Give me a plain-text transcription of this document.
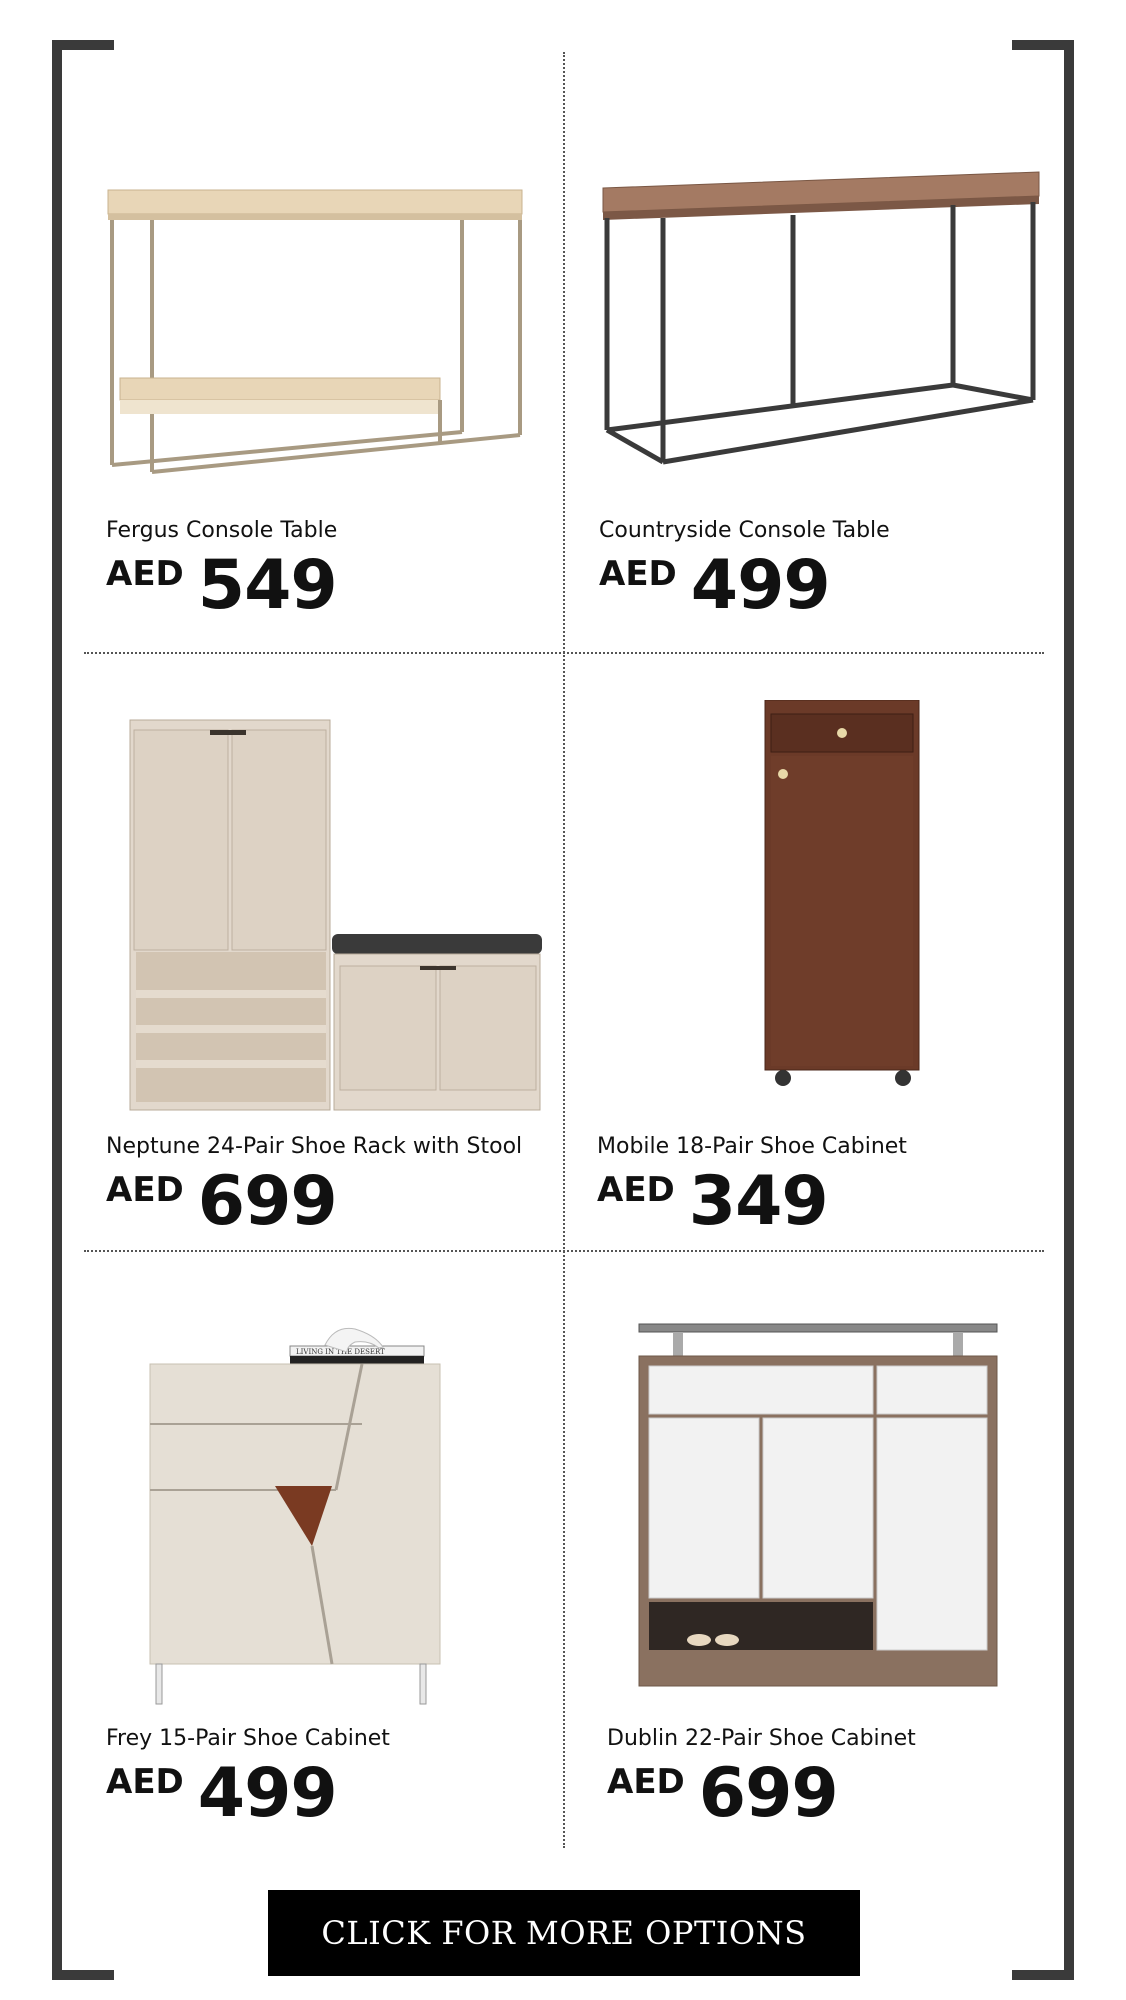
Fergus Console Table
AED 549
Countryside Console Table
AED 499
Neptune 24-Pair Shoe Rack with Stool
AED 699
Mobile 18-Pair Shoe Cabinet
AED 349
LIVING IN THE DESERT
Frey 15-Pair Shoe Cabinet
AED 499
Dublin 22-Pair Shoe Cabinet
AED 699
CLICK FOR MORE OPTIONS
